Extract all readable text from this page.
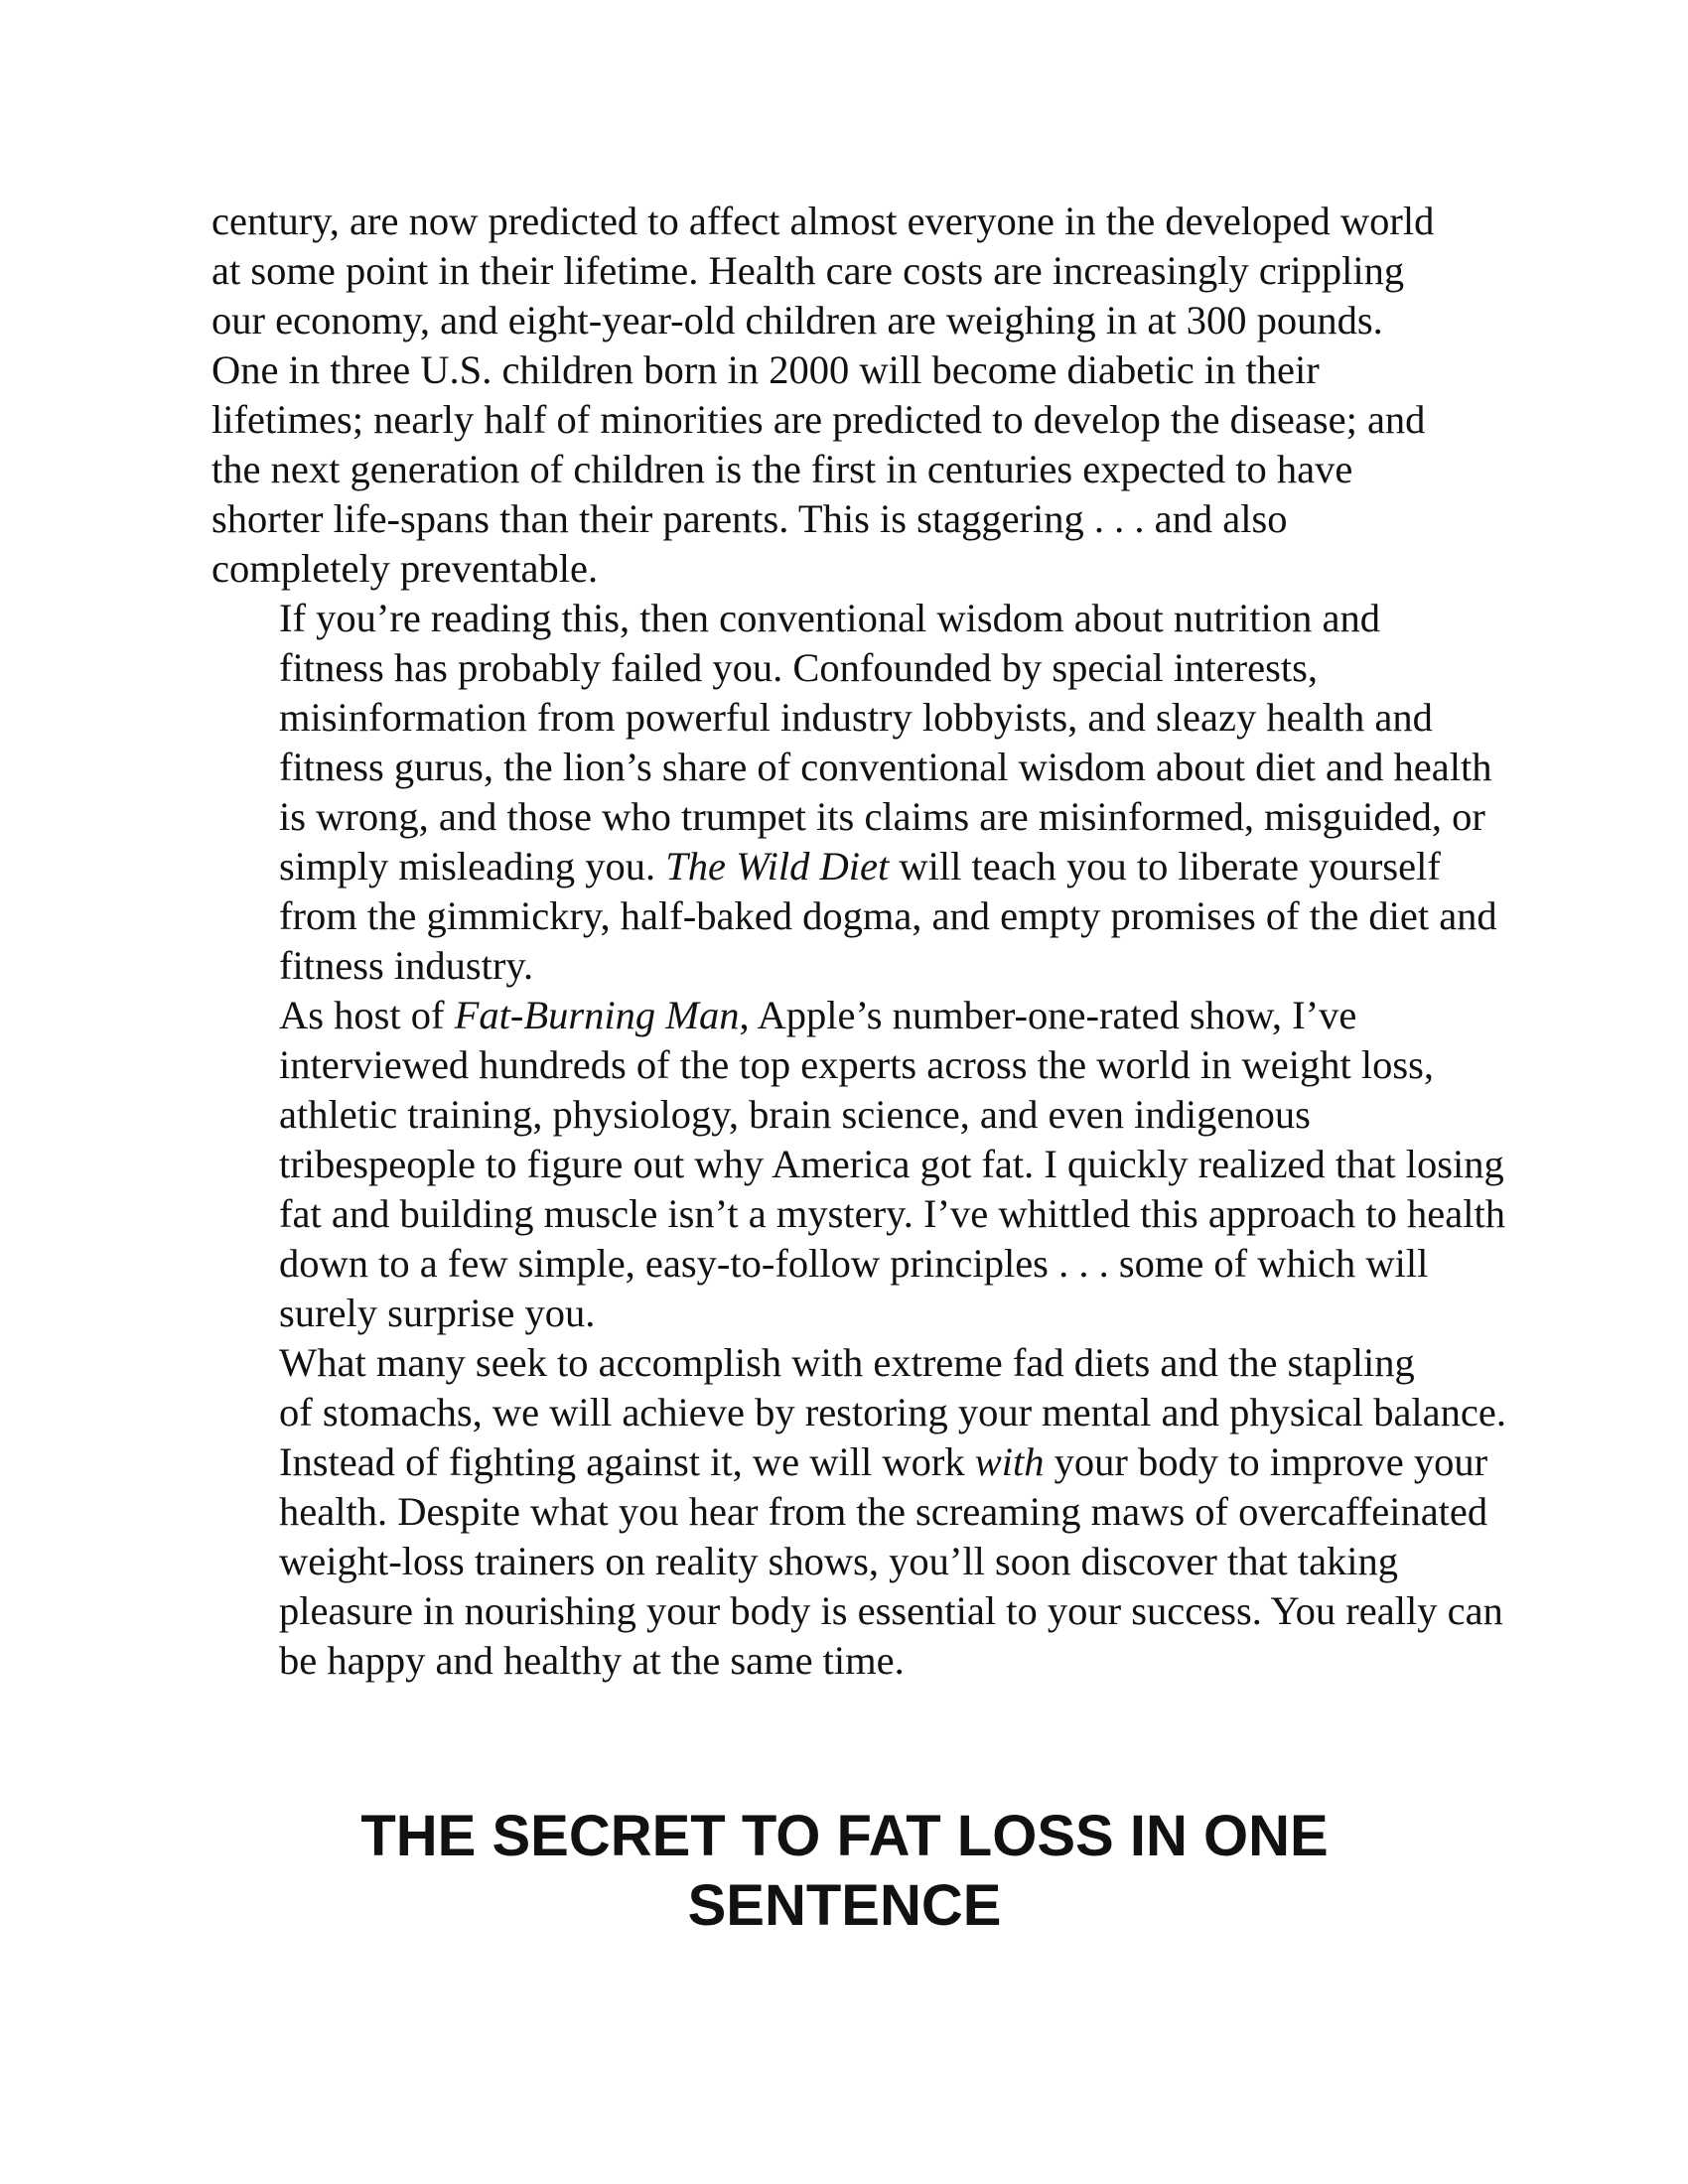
century, are now predicted to affect almost everyone in the developed world
at some point in their lifetime. Health care costs are increasingly crippling
our economy, and eight-year-old children are weighing in at 300 pounds.
One in three U.S. children born in 2000 will become diabetic in their
lifetimes; nearly half of minorities are predicted to develop the disease; and
the next generation of children is the first in centuries expected to have
shorter life-spans than their parents. This is staggering . . . and also
completely preventable.

If you’re reading this, then conventional wisdom about nutrition and
fitness has probably failed you. Confounded by special interests,
misinformation from powerful industry lobbyists, and sleazy health and
fitness gurus, the lion’s share of conventional wisdom about diet and health
is wrong, and those who trumpet its claims are misinformed, misguided, or
simply misleading you. The Wild Diet will teach you to liberate yourself
from the gimmickry, half-baked dogma, and empty promises of the diet and
fitness industry.

As host of Fat-Burning Man, Apple’s number-one-rated show, I’ve
interviewed hundreds of the top experts across the world in weight loss,
athletic training, physiology, brain science, and even indigenous
tribespeople to figure out why America got fat. I quickly realized that losing
fat and building muscle isn’t a mystery. I’ve whittled this approach to health
down to a few simple, easy-to-follow principles . . . some of which will
surely surprise you.

What many seek to accomplish with extreme fad diets and the stapling
of stomachs, we will achieve by restoring your mental and physical balance.
Instead of fighting against it, we will work with your body to improve your
health. Despite what you hear from the screaming maws of overcaffeinated
weight-loss trainers on reality shows, you’ll soon discover that taking
pleasure in nourishing your body is essential to your success. You really can
be happy and healthy at the same time.

THE SECRET TO FAT LOSS IN ONE
SENTENCE
